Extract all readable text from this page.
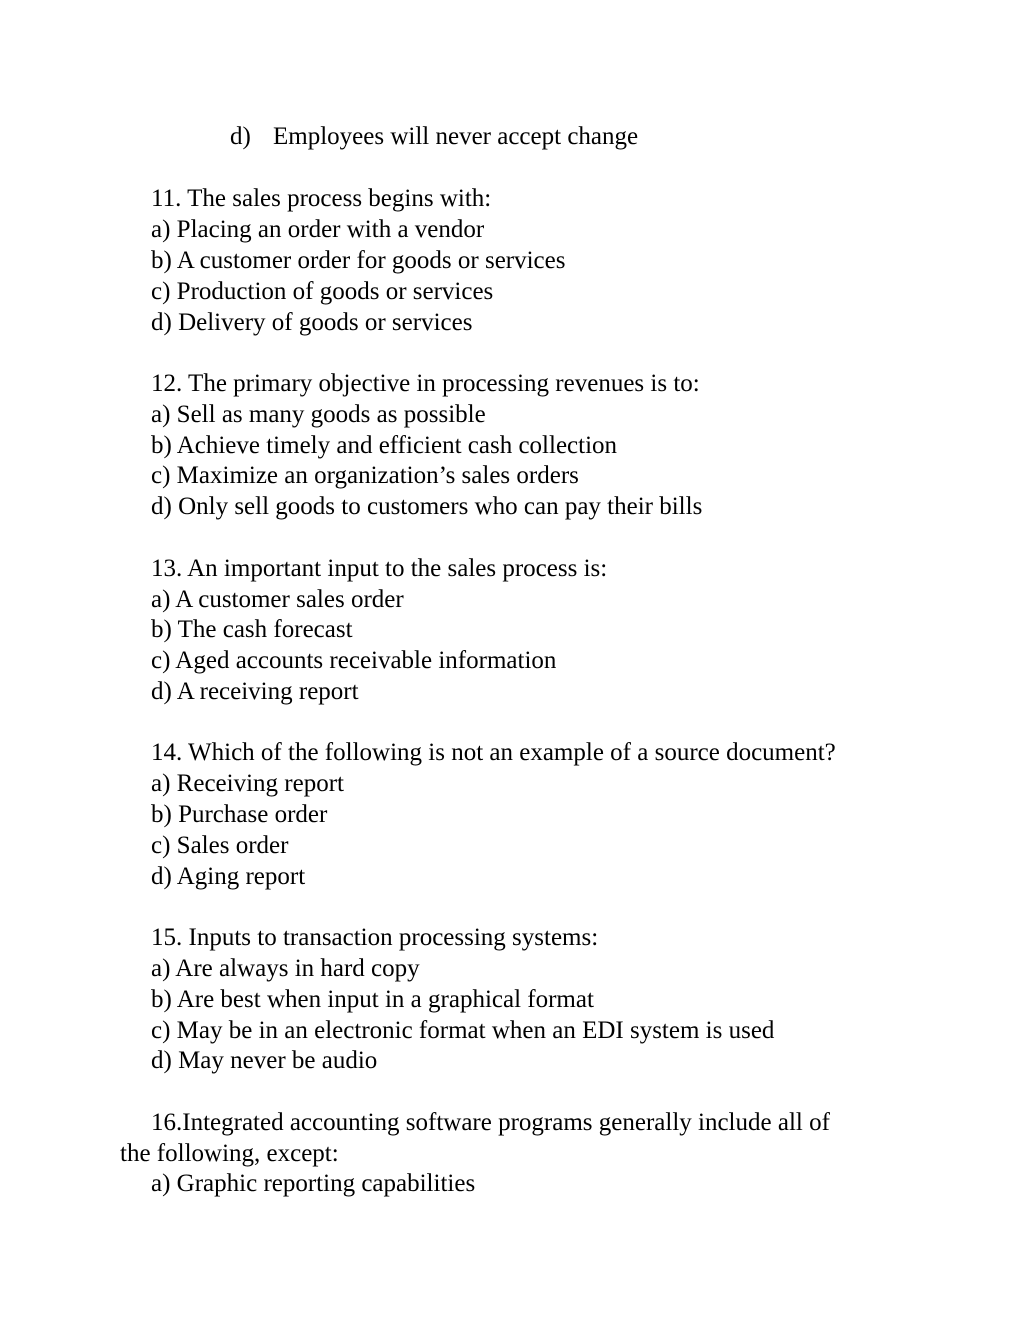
d) Employees will never accept change
11. The sales process begins with:
a) Placing an order with a vendor
b) A customer order for goods or services
c) Production of goods or services
d) Delivery of goods or services
12. The primary objective in processing revenues is to:
a) Sell as many goods as possible
b) Achieve timely and efficient cash collection
c) Maximize an organization’s sales orders
d) Only sell goods to customers who can pay their bills
13. An important input to the sales process is:
a) A customer sales order
b) The cash forecast
c) Aged accounts receivable information
d) A receiving report
14. Which of the following is not an example of a source document?
a) Receiving report
b) Purchase order
c) Sales order
d) Aging report
15. Inputs to transaction processing systems:
a) Are always in hard copy
b) Are best when input in a graphical format
c) May be in an electronic format when an EDI system is used
d) May never be audio
16.Integrated accounting software programs generally include all of
the following, except:
a) Graphic reporting capabilities
